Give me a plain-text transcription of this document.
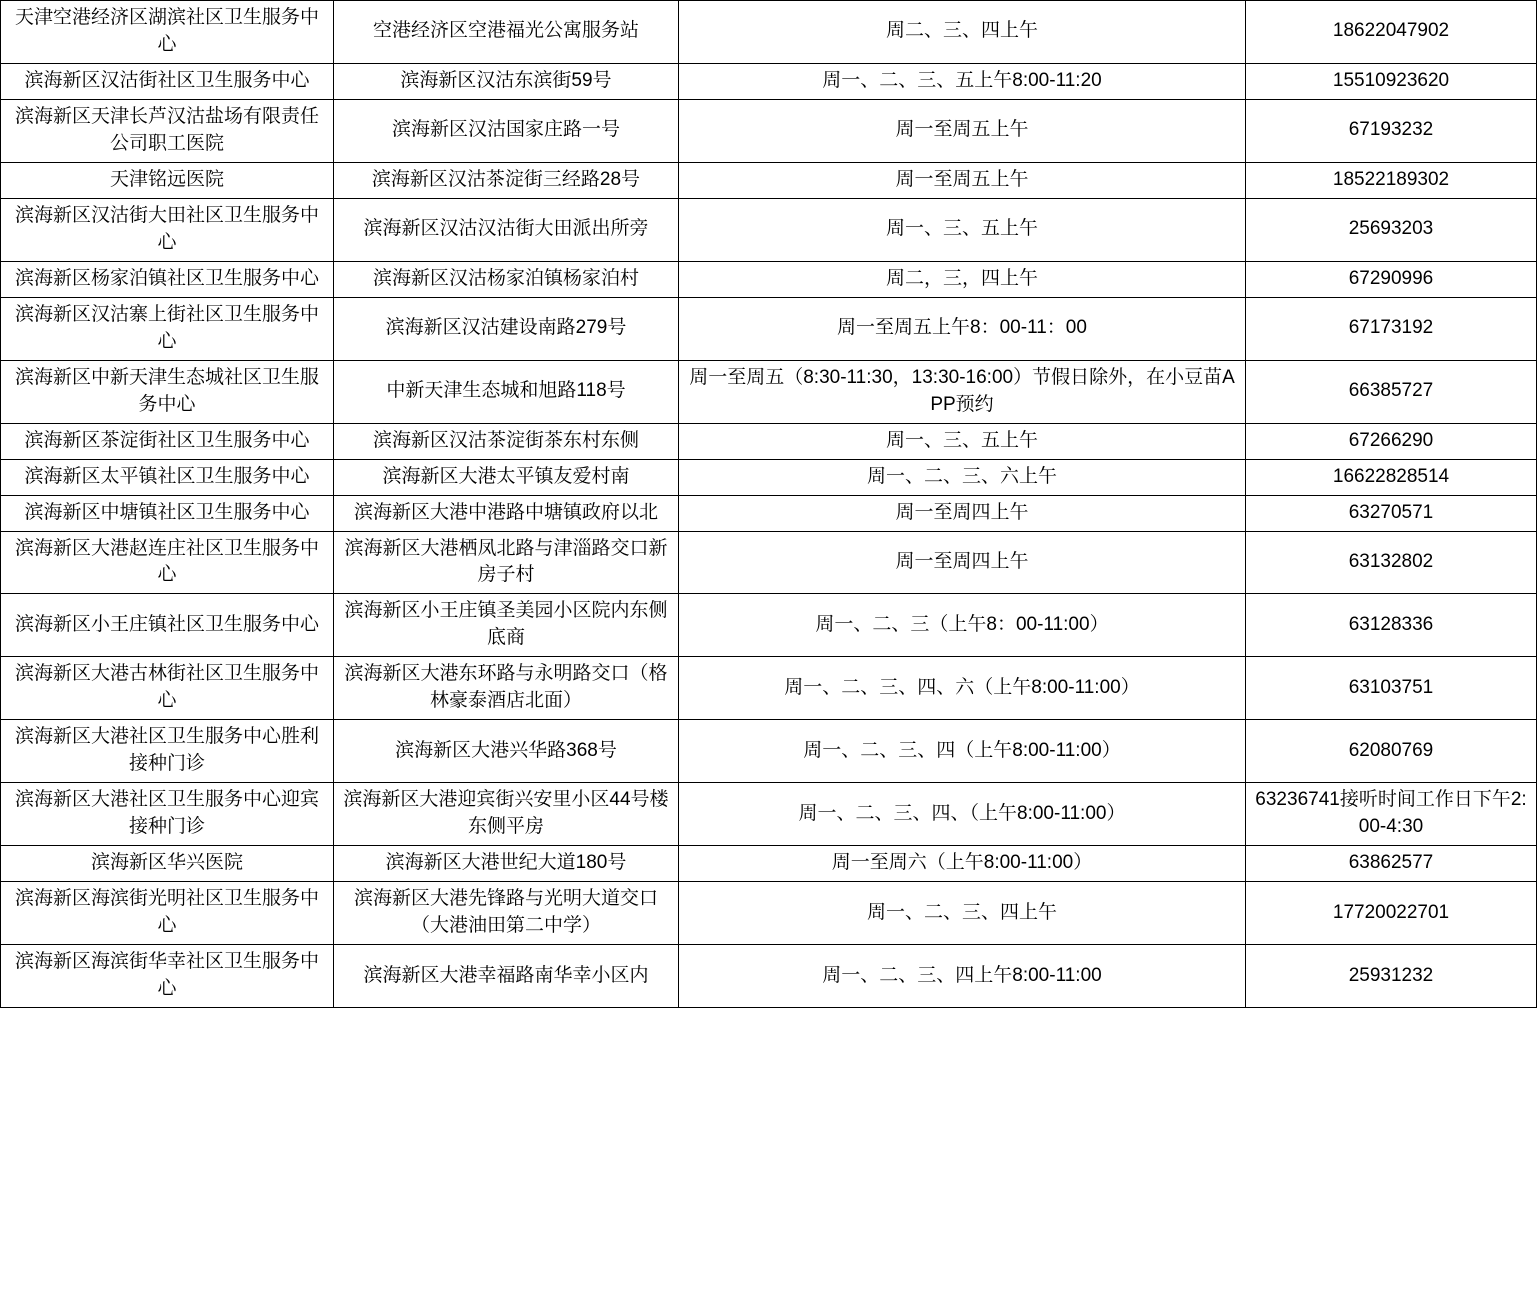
天津空港经济区湖滨社区卫生服务中心	空港经济区空港福光公寓服务站	周二、三、四上午	18622047902
滨海新区汉沽街社区卫生服务中心	滨海新区汉沽东滨街59号	周一、二、三、五上午8:00-11:20	15510923620
滨海新区天津长芦汉沽盐场有限责任公司职工医院	滨海新区汉沽国家庄路一号	周一至周五上午	67193232
天津铭远医院	滨海新区汉沽茶淀街三经路28号	周一至周五上午	18522189302
滨海新区汉沽街大田社区卫生服务中心	滨海新区汉沽汉沽街大田派出所旁	周一、三、五上午	25693203
滨海新区杨家泊镇社区卫生服务中心	滨海新区汉沽杨家泊镇杨家泊村	周二，三，四上午	67290996
滨海新区汉沽寨上街社区卫生服务中心	滨海新区汉沽建设南路279号	周一至周五上午8：00-11：00	67173192
滨海新区中新天津生态城社区卫生服务中心	中新天津生态城和旭路118号	周一至周五（8:30-11:30，13:30-16:00）节假日除外，在小豆苗APP预约	66385727
滨海新区茶淀街社区卫生服务中心	滨海新区汉沽茶淀街茶东村东侧	周一、三、五上午	67266290
滨海新区太平镇社区卫生服务中心	滨海新区大港太平镇友爱村南	周一、二、三、六上午	16622828514
滨海新区中塘镇社区卫生服务中心	滨海新区大港中港路中塘镇政府以北	周一至周四上午	63270571
滨海新区大港赵连庄社区卫生服务中心	滨海新区大港栖凤北路与津淄路交口新房子村	周一至周四上午	63132802
滨海新区小王庄镇社区卫生服务中心	滨海新区小王庄镇圣美园小区院内东侧底商	周一、二、三（上午8：00-11:00）	63128336
滨海新区大港古林街社区卫生服务中心	滨海新区大港东环路与永明路交口（格林豪泰酒店北面）	周一、二、三、四、六（上午8:00-11:00）	63103751
滨海新区大港社区卫生服务中心胜利接种门诊	滨海新区大港兴华路368号	周一、二、三、四（上午8:00-11:00）	62080769
滨海新区大港社区卫生服务中心迎宾接种门诊	滨海新区大港迎宾街兴安里小区44号楼东侧平房	周一、二、三、四、（上午8:00-11:00）	63236741接听时间工作日下午2:00-4:30
滨海新区华兴医院	滨海新区大港世纪大道180号	周一至周六（上午8:00-11:00）	63862577
滨海新区海滨街光明社区卫生服务中心	滨海新区大港先锋路与光明大道交口（大港油田第二中学）	周一、二、三、四上午	17720022701
滨海新区海滨街华幸社区卫生服务中心	滨海新区大港幸福路南华幸小区内	周一、二、三、四上午8:00-11:00	25931232
